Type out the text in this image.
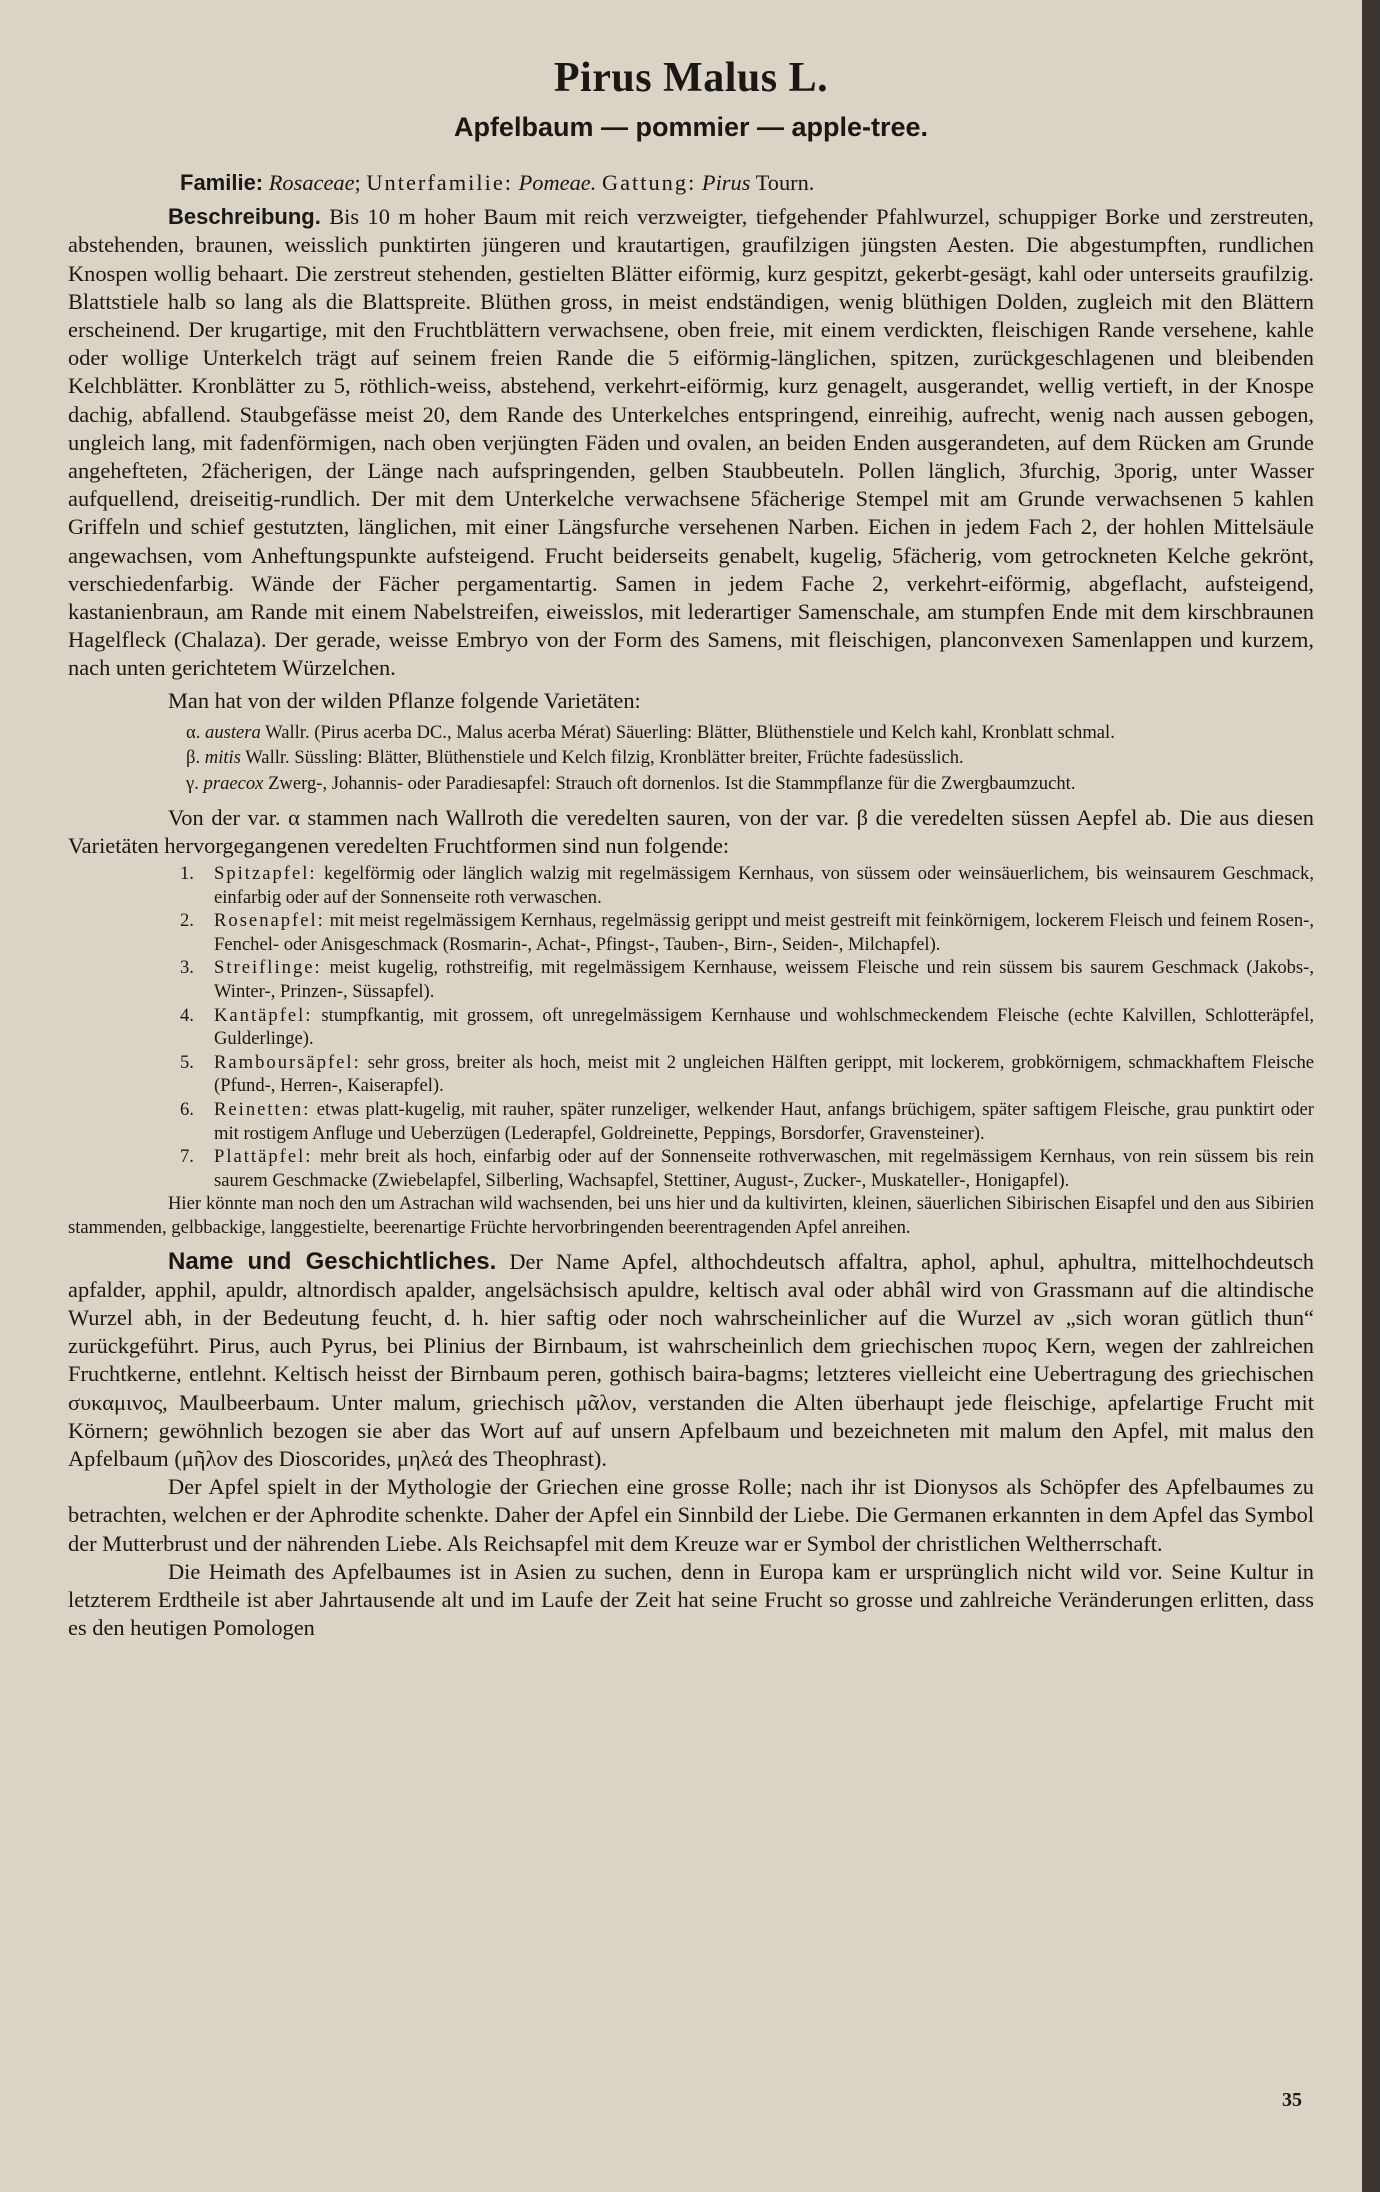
Pirus Malus L.
Apfelbaum — pommier — apple-tree.

Familie: Rosaceae; Unterfamilie: Pomeae. Gattung: Pirus Tourn.

Beschreibung. Bis 10 m hoher Baum mit reich verzweigter, tiefgehender Pfahlwurzel, schuppiger Borke und zerstreuten, abstehenden, braunen, weisslich punktirten jüngeren und krautartigen, graufilzigen jüngsten Aesten. Die abgestumpften, rundlichen Knospen wollig behaart. Die zerstreut stehenden, gestielten Blätter eiförmig, kurz gespitzt, gekerbt-gesägt, kahl oder unterseits graufilzig. Blattstiele halb so lang als die Blattspreite. Blüthen gross, in meist endständigen, wenig blüthigen Dolden, zugleich mit den Blättern erscheinend. Der krugartige, mit den Fruchtblättern verwachsene, oben freie, mit einem verdickten, fleischigen Rande versehene, kahle oder wollige Unterkelch trägt auf seinem freien Rande die 5 eiförmig-länglichen, spitzen, zurückgeschlagenen und bleibenden Kelchblätter. Kronblätter zu 5, röthlich-weiss, abstehend, verkehrt-eiförmig, kurz genagelt, ausgerandet, wellig vertieft, in der Knospe dachig, abfallend. Staubgefässe meist 20, dem Rande des Unterkelches entspringend, einreihig, aufrecht, wenig nach aussen gebogen, ungleich lang, mit fadenförmigen, nach oben verjüngten Fäden und ovalen, an beiden Enden ausgerandeten, auf dem Rücken am Grunde angehefteten, 2fächerigen, der Länge nach aufspringenden, gelben Staubbeuteln. Pollen länglich, 3furchig, 3porig, unter Wasser aufquellend, dreiseitig-rundlich. Der mit dem Unterkelche verwachsene 5fächerige Stempel mit am Grunde verwachsenen 5 kahlen Griffeln und schief gestutzten, länglichen, mit einer Längsfurche versehenen Narben. Eichen in jedem Fach 2, der hohlen Mittelsäule angewachsen, vom Anheftungspunkte aufsteigend. Frucht beiderseits genabelt, kugelig, 5fächerig, vom getrockneten Kelche gekrönt, verschiedenfarbig. Wände der Fächer pergamentartig. Samen in jedem Fache 2, verkehrt-eiförmig, abgeflacht, aufsteigend, kastanienbraun, am Rande mit einem Nabelstreifen, eiweisslos, mit lederartiger Samenschale, am stumpfen Ende mit dem kirschbraunen Hagelfleck (Chalaza). Der gerade, weisse Embryo von der Form des Samens, mit fleischigen, planconvexen Samenlappen und kurzem, nach unten gerichtetem Würzelchen.

Man hat von der wilden Pflanze folgende Varietäten:

α. austera Wallr. (Pirus acerba DC., Malus acerba Mérat) Säuerling: Blätter, Blüthenstiele und Kelch kahl, Kronblatt schmal.
β. mitis Wallr. Süssling: Blätter, Blüthenstiele und Kelch filzig, Kronblätter breiter, Früchte fadesüsslich.
γ. praecox Zwerg-, Johannis- oder Paradiesapfel: Strauch oft dornenlos. Ist die Stammpflanze für die Zwergbaumzucht.

Von der var. α stammen nach Wallroth die veredelten sauren, von der var. β die veredelten süssen Aepfel ab. Die aus diesen Varietäten hervorgegangenen veredelten Fruchtformen sind nun folgende:

1. Spitzapfel: kegelförmig oder länglich walzig mit regelmässigem Kernhaus, von süssem oder weinsäuerlichem, bis weinsaurem Geschmack, einfarbig oder auf der Sonnenseite roth verwaschen.
2. Rosenapfel: mit meist regelmässigem Kernhaus, regelmässig gerippt und meist gestreift mit feinkörnigem, lockerem Fleisch und feinem Rosen-, Fenchel- oder Anisgeschmack (Rosmarin-, Achat-, Pfingst-, Tauben-, Birn-, Seiden-, Milchapfel).
3. Streiflinge: meist kugelig, rothstreifig, mit regelmässigem Kernhause, weissem Fleische und rein süssem bis saurem Geschmack (Jakobs-, Winter-, Prinzen-, Süssapfel).
4. Kantäpfel: stumpfkantig, mit grossem, oft unregelmässigem Kernhause und wohlschmeckendem Fleische (echte Kalvillen, Schlotteräpfel, Gulderlinge).
5. Ramboursäpfel: sehr gross, breiter als hoch, meist mit 2 ungleichen Hälften gerippt, mit lockerem, grobkörnigem, schmackhaftem Fleische (Pfund-, Herren-, Kaiserapfel).
6. Reinetten: etwas platt-kugelig, mit rauher, später runzeliger, welkender Haut, anfangs brüchigem, später saftigem Fleische, grau punktirt oder mit rostigem Anfluge und Ueberzügen (Lederapfel, Goldreinette, Peppings, Borsdorfer, Gravensteiner).
7. Plattäpfel: mehr breit als hoch, einfarbig oder auf der Sonnenseite rothverwaschen, mit regelmässigem Kernhaus, von rein süssem bis rein saurem Geschmacke (Zwiebelapfel, Silberling, Wachsapfel, Stettiner, August-, Zucker-, Muskateller-, Honigapfel).

Hier könnte man noch den um Astrachan wild wachsenden, bei uns hier und da kultivirten, kleinen, säuerlichen Sibirischen Eisapfel und den aus Sibirien stammenden, gelbbackige, langgestielte, beerenartige Früchte hervorbringenden beerentragenden Apfel anreihen.

Name und Geschichtliches. Der Name Apfel, althochdeutsch affaltra, aphol, aphul, aphultra, mittelhochdeutsch apfalder, apphil, apuldr, altnordisch apalder, angelsächsisch apuldre, keltisch aval oder abhâl wird von Grassmann auf die altindische Wurzel abh, in der Bedeutung feucht, d. h. hier saftig oder noch wahrscheinlicher auf die Wurzel av „sich woran gütlich thun“ zurückgeführt. Pirus, auch Pyrus, bei Plinius der Birnbaum, ist wahrscheinlich dem griechischen πυρος Kern, wegen der zahlreichen Fruchtkerne, entlehnt. Keltisch heisst der Birnbaum peren, gothisch baira-bagms; letzteres vielleicht eine Uebertragung des griechischen συκαμινος, Maulbeerbaum. Unter malum, griechisch μᾶλον, verstanden die Alten überhaupt jede fleischige, apfelartige Frucht mit Körnern; gewöhnlich bezogen sie aber das Wort auf auf unsern Apfelbaum und bezeichneten mit malum den Apfel, mit malus den Apfelbaum (μῆλον des Dioscorides, μηλεά des Theophrast).

Der Apfel spielt in der Mythologie der Griechen eine grosse Rolle; nach ihr ist Dionysos als Schöpfer des Apfelbaumes zu betrachten, welchen er der Aphrodite schenkte. Daher der Apfel ein Sinnbild der Liebe. Die Germanen erkannten in dem Apfel das Symbol der Mutterbrust und der nährenden Liebe. Als Reichsapfel mit dem Kreuze war er Symbol der christlichen Weltherrschaft.

Die Heimath des Apfelbaumes ist in Asien zu suchen, denn in Europa kam er ursprünglich nicht wild vor. Seine Kultur in letzterem Erdtheile ist aber Jahrtausende alt und im Laufe der Zeit hat seine Frucht so grosse und zahlreiche Veränderungen erlitten, dass es den heutigen Pomologen

35
